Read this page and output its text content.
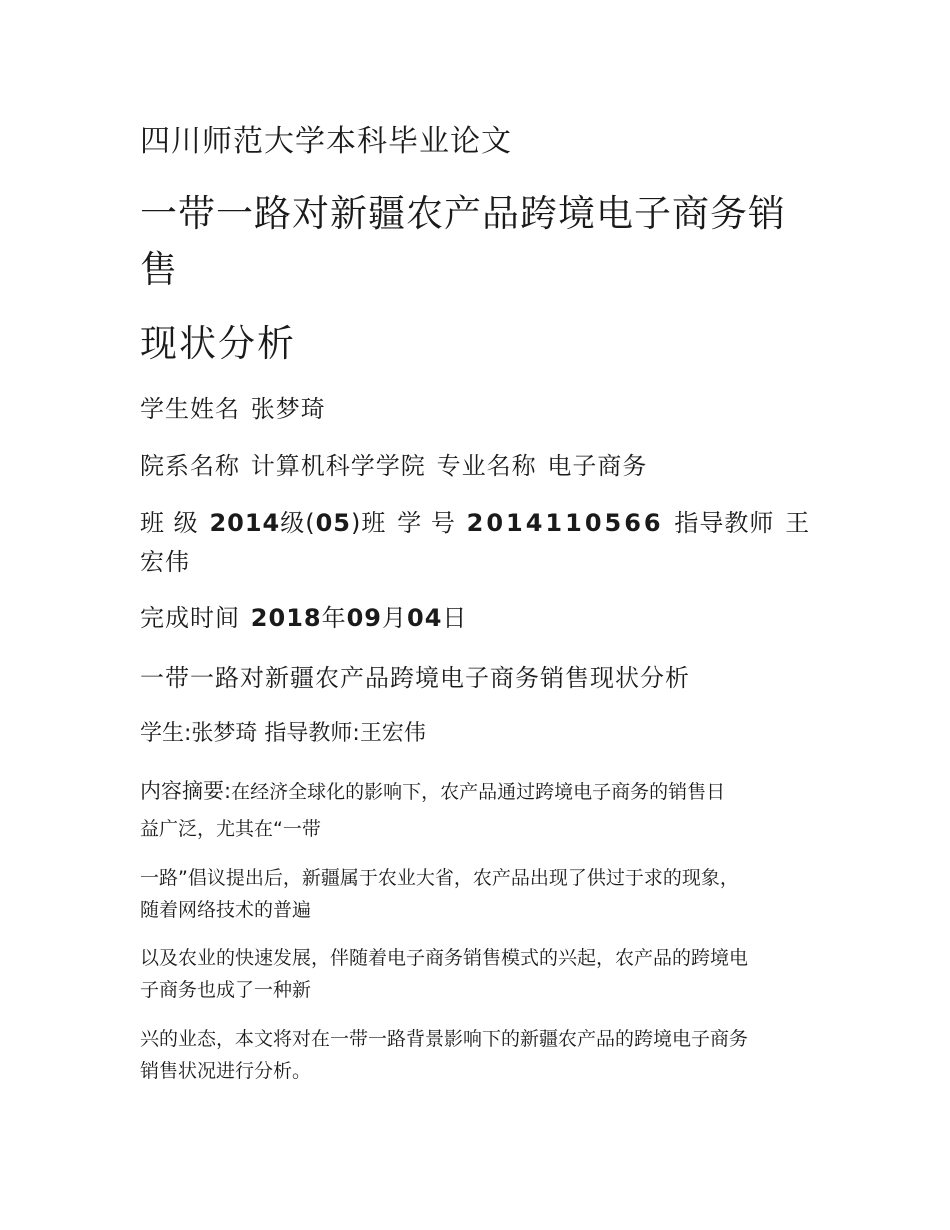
四川师范大学本科毕业论文
一带一路对新疆农产品跨境电子商务销
售
现状分析
学生姓名 张梦琦
院系名称 计算机科学学院 专业名称 电子商务
班 级 2014级(05)班 学 号 2014110566 指导教师 王
宏伟
完成时间 2018年09月04日
一带一路对新疆农产品跨境电子商务销售现状分析
学生:张梦琦 指导教师:王宏伟
内容摘要:在经济全球化的影响下，农产品通过跨境电子商务的销售日
益广泛，尤其在“一带
一路”倡议提出后，新疆属于农业大省，农产品出现了供过于求的现象，
随着网络技术的普遍
以及农业的快速发展，伴随着电子商务销售模式的兴起，农产品的跨境电
子商务也成了一种新
兴的业态，本文将对在一带一路背景影响下的新疆农产品的跨境电子商务
销售状况进行分析。
